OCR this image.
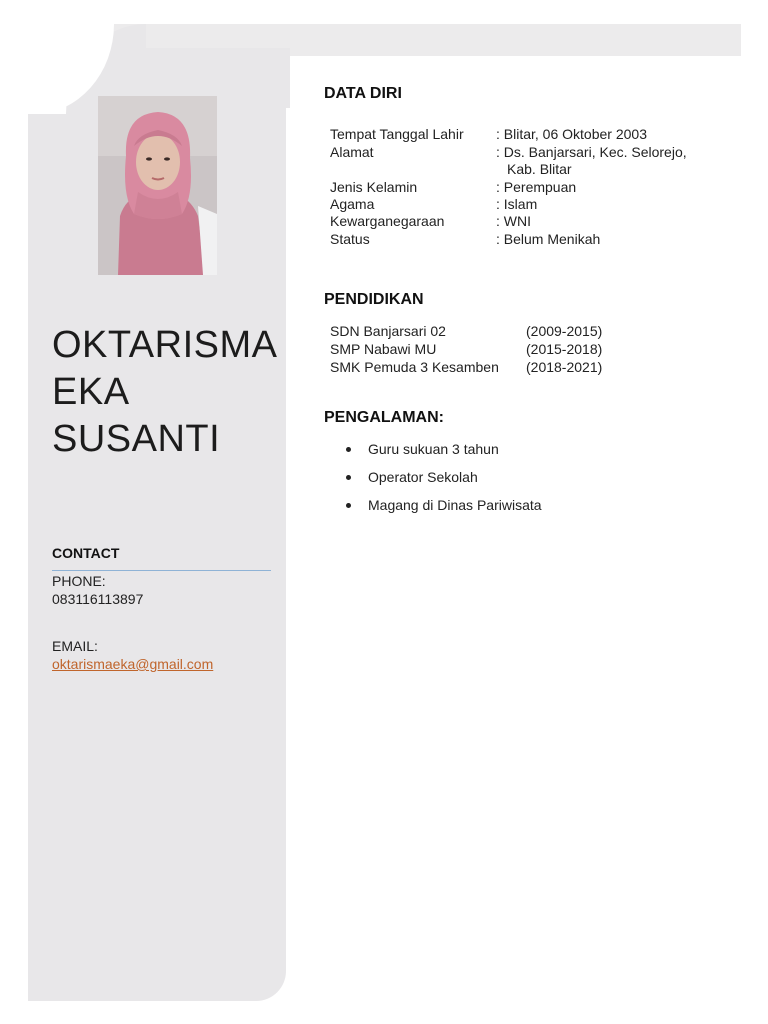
OKTARISMA
EKA
SUSANTI
CONTACT
PHONE:
083116113897
EMAIL:
oktarismaeka@gmail.com
DATA DIRI
Tempat Tanggal Lahir : Blitar, 06 Oktober 2003
Alamat	: Ds. Banjarsari, Kec. Selorejo,
Kab. Blitar
Jenis Kelamin	: Perempuan
Agama	: Islam
Kewarganegaraan	: WNI
Status	: Belum Menikah
PENDIDIKAN
SDN Banjarsari 02	(2009-2015)
SMP Nabawi MU	(2015-2018)
SMK Pemuda 3 Kesamben (2018-2021)
PENGALAMAN:
Guru sukuan 3 tahun
Operator Sekolah
Magang di Dinas Pariwisata
